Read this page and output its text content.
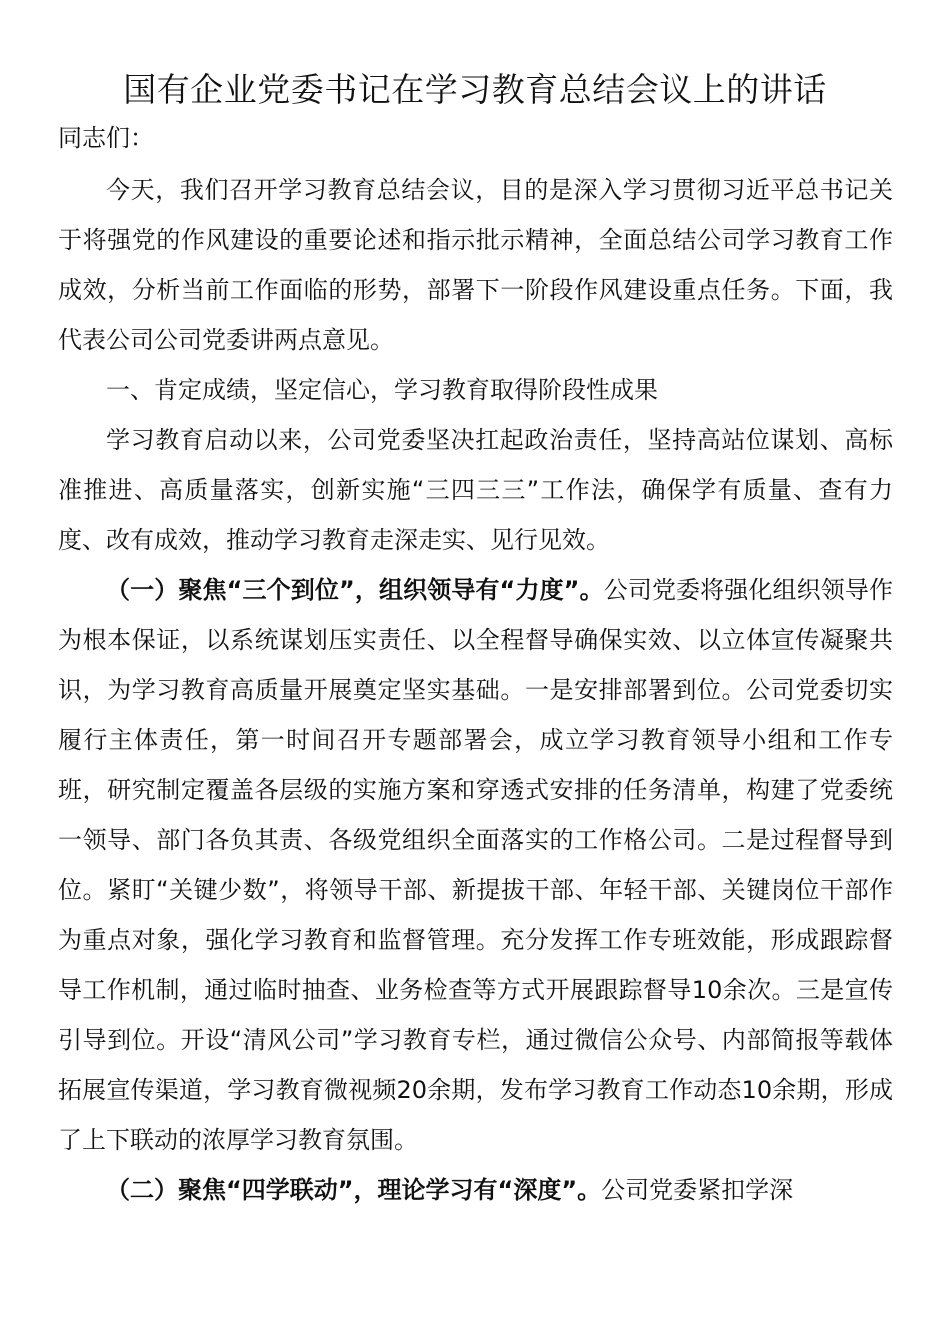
国有企业党委书记在学习教育总结会议上的讲话
同志们：

今天，我们召开学习教育总结会议，目的是深入学习贯彻习近平总书记关于将强党的作风建设的重要论述和指示批示精神，全面总结公司学习教育工作成效，分析当前工作面临的形势，部署下一阶段作风建设重点任务。下面，我代表公司公司党委讲两点意见。

一、肯定成绩，坚定信心，学习教育取得阶段性成果

学习教育启动以来，公司党委坚决扛起政治责任，坚持高站位谋划、高标准推进、高质量落实，创新实施“三四三三”工作法，确保学有质量、查有力度、改有成效，推动学习教育走深走实、见行见效。

（一）聚焦“三个到位”，组织领导有“力度”。公司党委将强化组织领导作为根本保证，以系统谋划压实责任、以全程督导确保实效、以立体宣传凝聚共识，为学习教育高质量开展奠定坚实基础。一是安排部署到位。公司党委切实履行主体责任，第一时间召开专题部署会，成立学习教育领导小组和工作专班，研究制定覆盖各层级的实施方案和穿透式安排的任务清单，构建了党委统一领导、部门各负其责、各级党组织全面落实的工作格公司。二是过程督导到位。紧盯“关键少数”，将领导干部、新提拔干部、年轻干部、关键岗位干部作为重点对象，强化学习教育和监督管理。充分发挥工作专班效能，形成跟踪督导工作机制，通过临时抽查、业务检查等方式开展跟踪督导10余次。三是宣传引导到位。开设“清风公司”学习教育专栏，通过微信公众号、内部简报等载体拓展宣传渠道，学习教育微视频20余期，发布学习教育工作动态10余期，形成了上下联动的浓厚学习教育氛围。

（二）聚焦“四学联动”，理论学习有“深度”。公司党委紧扣学深
